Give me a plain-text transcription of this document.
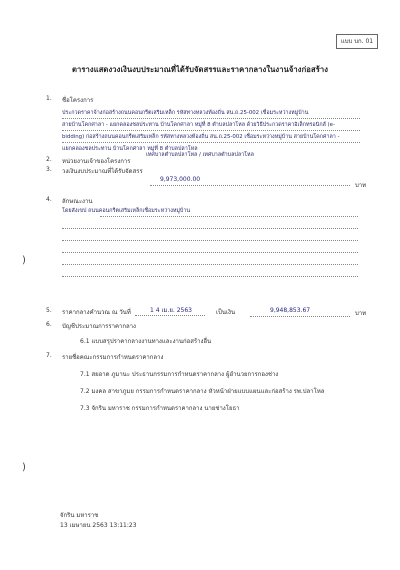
แบบ บก. 01
ตารางแสดงวงเงินงบประมาณที่ได้รับจัดสรรและราคากลางในงานจ้างก่อสร้าง
1. ชื่อโครงการ
ประกวดราคาจ้างก่อสร้างถนนคอนกรีตเสริมเหล็ก รหัสทางหลวงท้องถิ่น สน.ถ.25-002 เชื่อมระหว่างหมู่บ้าน
สายบ้านโคกศาลา - แยกคลองชลประทาน บ้านโคกศาลา หมู่ที่ 8 ตำบลปลาโหล ด้วยวิธีประกวดราคาอิเล็กทรอนิกส์ (e-
bidding) ก่อสร้างถนนคอนกรีตเสริมเหล็ก รหัสทางหลวงท้องถิ่น สน.ถ.25-002 เชื่อมระหว่างหมู่บ้าน สายบ้านโคกศาลา -
แยกคลองชลประทาน บ้านโคกศาลา หมู่ที่ 8 ตำบลปลาโหล
2. หน่วยงานเจ้าของโครงการ
เทศบาลตำบลปลาโหล / เทศบาลตำบลปลาโหล
3. วงเงินงบประมาณที่ได้รับจัดสรร
9,973,000.00
บาท
4. ลักษณะงาน
โดยสังเขป ถนนคอนกรีตเสริมเหล็กเชื่อมระหว่างหมู่บ้าน
)
)
5. ราคากลางคำนวณ ณ วันที่	1 4 เม.ย. 2563	เป็นเงิน	9,948,853.67	บาท
6. บัญชีประมาณการราคากลาง
6.1 แบบสรุปราคากลางงานทางและงานก่อสร้างอื่น
7. รายชื่อคณะกรรมการกำหนดราคากลาง
7.1 สยอาด ภูมานะ ประธานกรรมการกำหนดราคากลาง ผู้อำนวยการกองช่าง
7.2 มงคล สาขาภูมย กรรมการกำหนดราคากลาง หัวหน้าฝ่ายแบบแผนและก่อสร้าง รพ.ปลาโหล
7.3 จักริน มหาราช กรรมการกำหนดราคากลาง นายช่างโยธา
จักริน มหาราช
13 เมษายน 2563 13:11:23
